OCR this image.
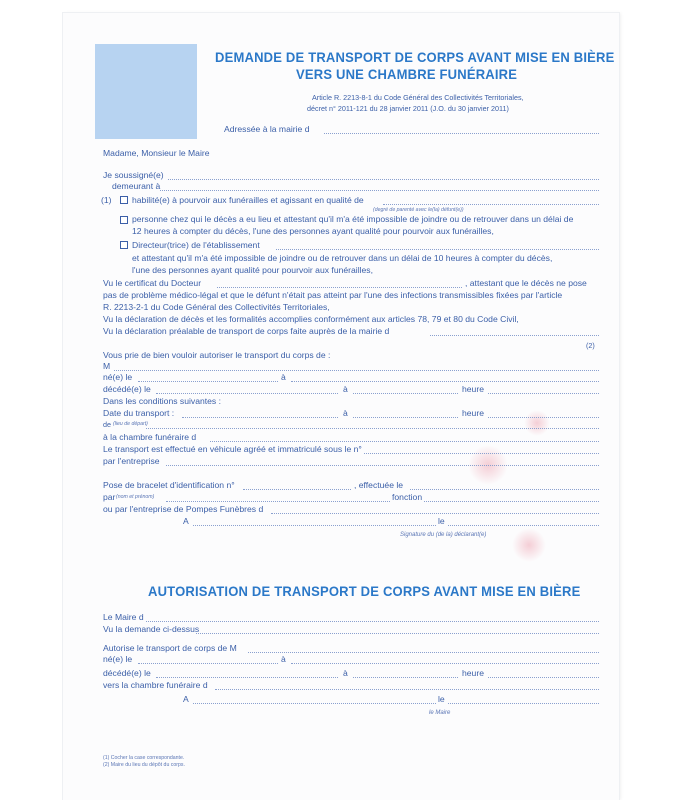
DEMANDE DE TRANSPORT DE CORPS AVANT MISE EN BIÈRE
VERS UNE CHAMBRE FUNÉRAIRE
Article R. 2213-8-1 du Code Général des Collectivités Territoriales,
décret n° 2011-121 du 28 janvier 2011 (J.O. du 30 janvier 2011)
Adressée à la mairie d
Madame, Monsieur le Maire
Je soussigné(e)
demeurant à
(1) habilité(e) à pourvoir aux funérailles et agissant en qualité de
(degré de parenté avec le(la) défunt(e))
personne chez qui le décès a eu lieu et attestant qu'il m'a été impossible de joindre ou de retrouver dans un délai de
12 heures à compter du décès, l'une des personnes ayant qualité pour pourvoir aux funérailles,
Directeur(trice) de l'établissement
et attestant qu'il m'a été impossible de joindre ou de retrouver dans un délai de 10 heures à compter du décès,
l'une des personnes ayant qualité pour pourvoir aux funérailles,
Vu le certificat du Docteur	, attestant que le décès ne pose
pas de problème médico-légal et que le défunt n'était pas atteint par l'une des infections transmissibles fixées par l'article
R. 2213-2-1 du Code Général des Collectivités Territoriales,
Vu la déclaration de décès et les formalités accomplies conformément aux articles 78, 79 et 80 du Code Civil,
Vu la déclaration préalable de transport de corps faite auprès de la mairie d
(2)
Vous prie de bien vouloir autoriser le transport du corps de :
M
né(e) le	à
décédé(e) le	à	heure
Dans les conditions suivantes :
Date du transport :	à	heure
de (lieu de départ)
à la chambre funéraire d
Le transport est effectué en véhicule agréé et immatriculé sous le n°
par l'entreprise
Pose de bracelet d'identification n°	, effectuée le
par (nom et prénom)	fonction
ou par l'entreprise de Pompes Funèbres d
A	le
Signature du (de la) déclarant(e)
AUTORISATION DE TRANSPORT DE CORPS AVANT MISE EN BIÈRE
Le Maire d
Vu la demande ci-dessus
Autorise le transport de corps de M
né(e) le	à
décédé(e) le	à	heure
vers la chambre funéraire d
A	le
le Maire
(1) Cocher la case correspondante.
(2) Maire du lieu du dépôt du corps.
